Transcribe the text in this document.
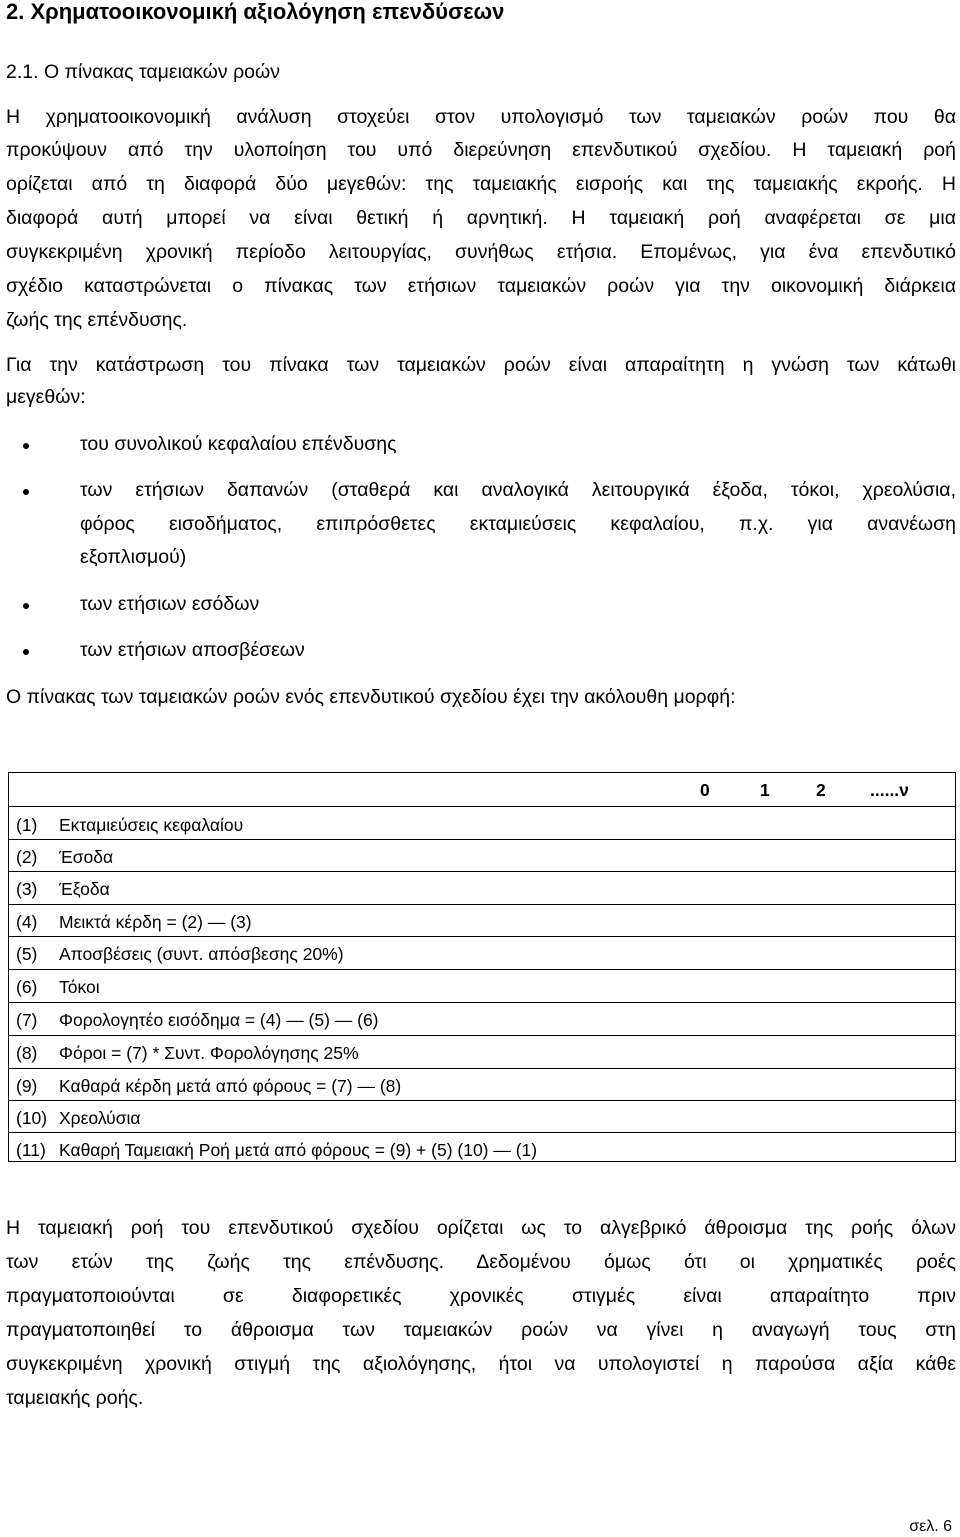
2. Χρηματοοικονομική αξιολόγηση επενδύσεων
2.1. Ο πίνακας ταμειακών ροών
Η χρηματοοικονομική ανάλυση στοχεύει στον υπολογισμό των ταμειακών ροών που θα
προκύψουν από την υλοποίηση του υπό διερεύνηση επενδυτικού σχεδίου. Η ταμειακή ροή
ορίζεται από τη διαφορά δύο μεγεθών: της ταμειακής εισροής και της ταμειακής εκροής. Η
διαφορά αυτή μπορεί να είναι θετική ή αρνητική. Η ταμειακή ροή αναφέρεται σε μια
συγκεκριμένη χρονική περίοδο λειτουργίας, συνήθως ετήσια. Επομένως, για ένα επενδυτικό
σχέδιο καταστρώνεται ο πίνακας των ετήσιων ταμειακών ροών για την οικονομική διάρκεια
ζωής της επένδυσης.
Για την κατάστρωση του πίνακα των ταμειακών ροών είναι απαραίτητη η γνώση των κάτωθι
μεγεθών:
του συνολικού κεφαλαίου επένδυσης
των ετήσιων δαπανών (σταθερά και αναλογικά λειτουργικά έξοδα, τόκοι, χρεολύσια,
φόρος εισοδήματος, επιπρόσθετες εκταμιεύσεις κεφαλαίου, π.χ. για ανανέωση
εξοπλισμού)
των ετήσιων εσόδων
των ετήσιων αποσβέσεων
Ο πίνακας των ταμειακών ροών ενός επενδυτικού σχεδίου έχει την ακόλουθη μορφή:
0	1	2	......ν
(1) Εκταμιεύσεις κεφαλαίου
(2) Έσοδα
(3) Έξοδα
(4) Μεικτά κέρδη = (2) — (3)
(5) Αποσβέσεις (συντ. απόσβεσης 20%)
(6) Τόκοι
(7) Φορολογητέο εισόδημα = (4) — (5) — (6)
(8) Φόροι = (7) * Συντ. Φορολόγησης 25%
(9) Καθαρά κέρδη μετά από φόρους = (7) — (8)
(10) Χρεολύσια
(11) Καθαρή Ταμειακή Ροή μετά από φόρους = (9) + (5) (10) — (1)
Η ταμειακή ροή του επενδυτικού σχεδίου ορίζεται ως το αλγεβρικό άθροισμα της ροής όλων
των ετών της ζωής της επένδυσης. Δεδομένου όμως ότι οι χρηματικές ροές
πραγματοποιούνται σε διαφορετικές χρονικές στιγμές είναι απαραίτητο πριν
πραγματοποιηθεί το άθροισμα των ταμειακών ροών να γίνει η αναγωγή τους στη
συγκεκριμένη χρονική στιγμή της αξιολόγησης, ήτοι να υπολογιστεί η παρούσα αξία κάθε
ταμειακής ροής.
σελ. 6
